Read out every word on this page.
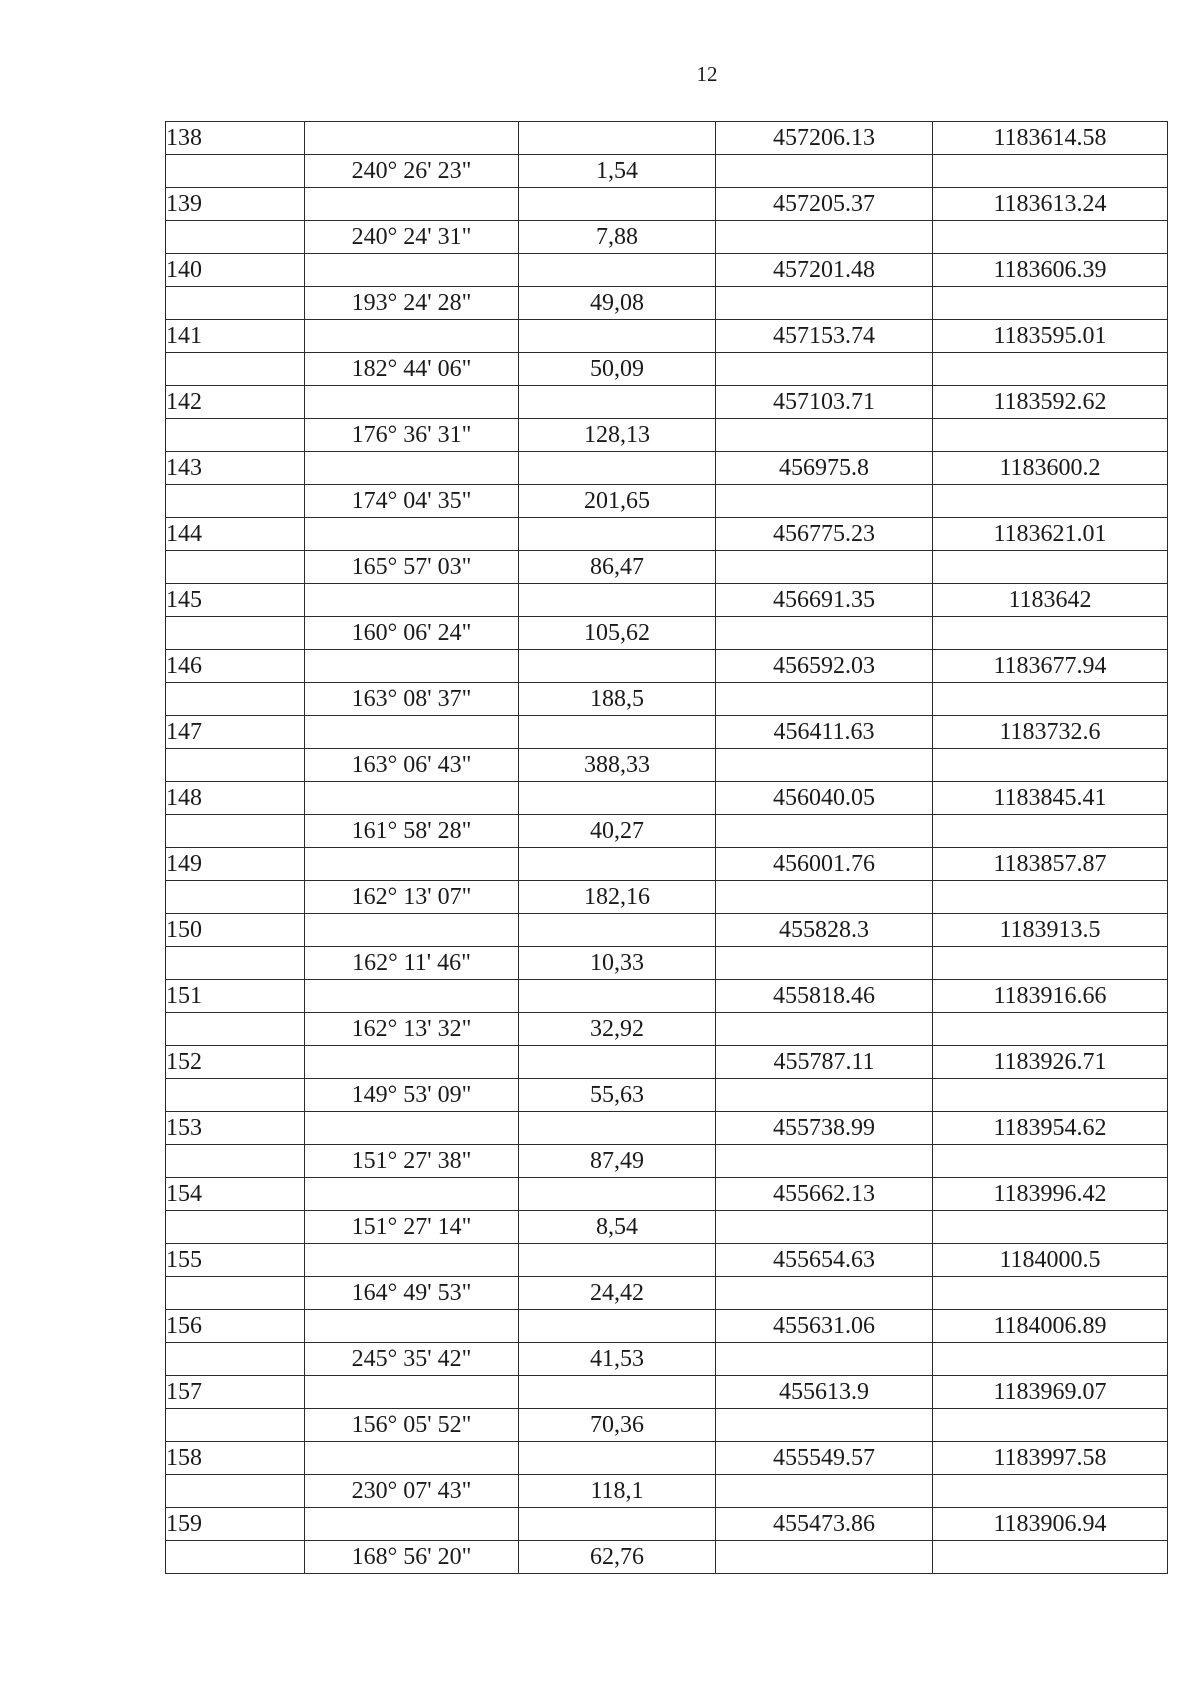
12
138			457206.13	1183614.58
	240° 26' 23"	1,54		
139			457205.37	1183613.24
	240° 24' 31"	7,88		
140			457201.48	1183606.39
	193° 24' 28"	49,08		
141			457153.74	1183595.01
	182° 44' 06"	50,09		
142			457103.71	1183592.62
	176° 36' 31"	128,13		
143			456975.8	1183600.2
	174° 04' 35"	201,65		
144			456775.23	1183621.01
	165° 57' 03"	86,47		
145			456691.35	1183642
	160° 06' 24"	105,62		
146			456592.03	1183677.94
	163° 08' 37"	188,5		
147			456411.63	1183732.6
	163° 06' 43"	388,33		
148			456040.05	1183845.41
	161° 58' 28"	40,27		
149			456001.76	1183857.87
	162° 13' 07"	182,16		
150			455828.3	1183913.5
	162° 11' 46"	10,33		
151			455818.46	1183916.66
	162° 13' 32"	32,92		
152			455787.11	1183926.71
	149° 53' 09"	55,63		
153			455738.99	1183954.62
	151° 27' 38"	87,49		
154			455662.13	1183996.42
	151° 27' 14"	8,54		
155			455654.63	1184000.5
	164° 49' 53"	24,42		
156			455631.06	1184006.89
	245° 35' 42"	41,53		
157			455613.9	1183969.07
	156° 05' 52"	70,36		
158			455549.57	1183997.58
	230° 07' 43"	118,1		
159			455473.86	1183906.94
	168° 56' 20"	62,76		
